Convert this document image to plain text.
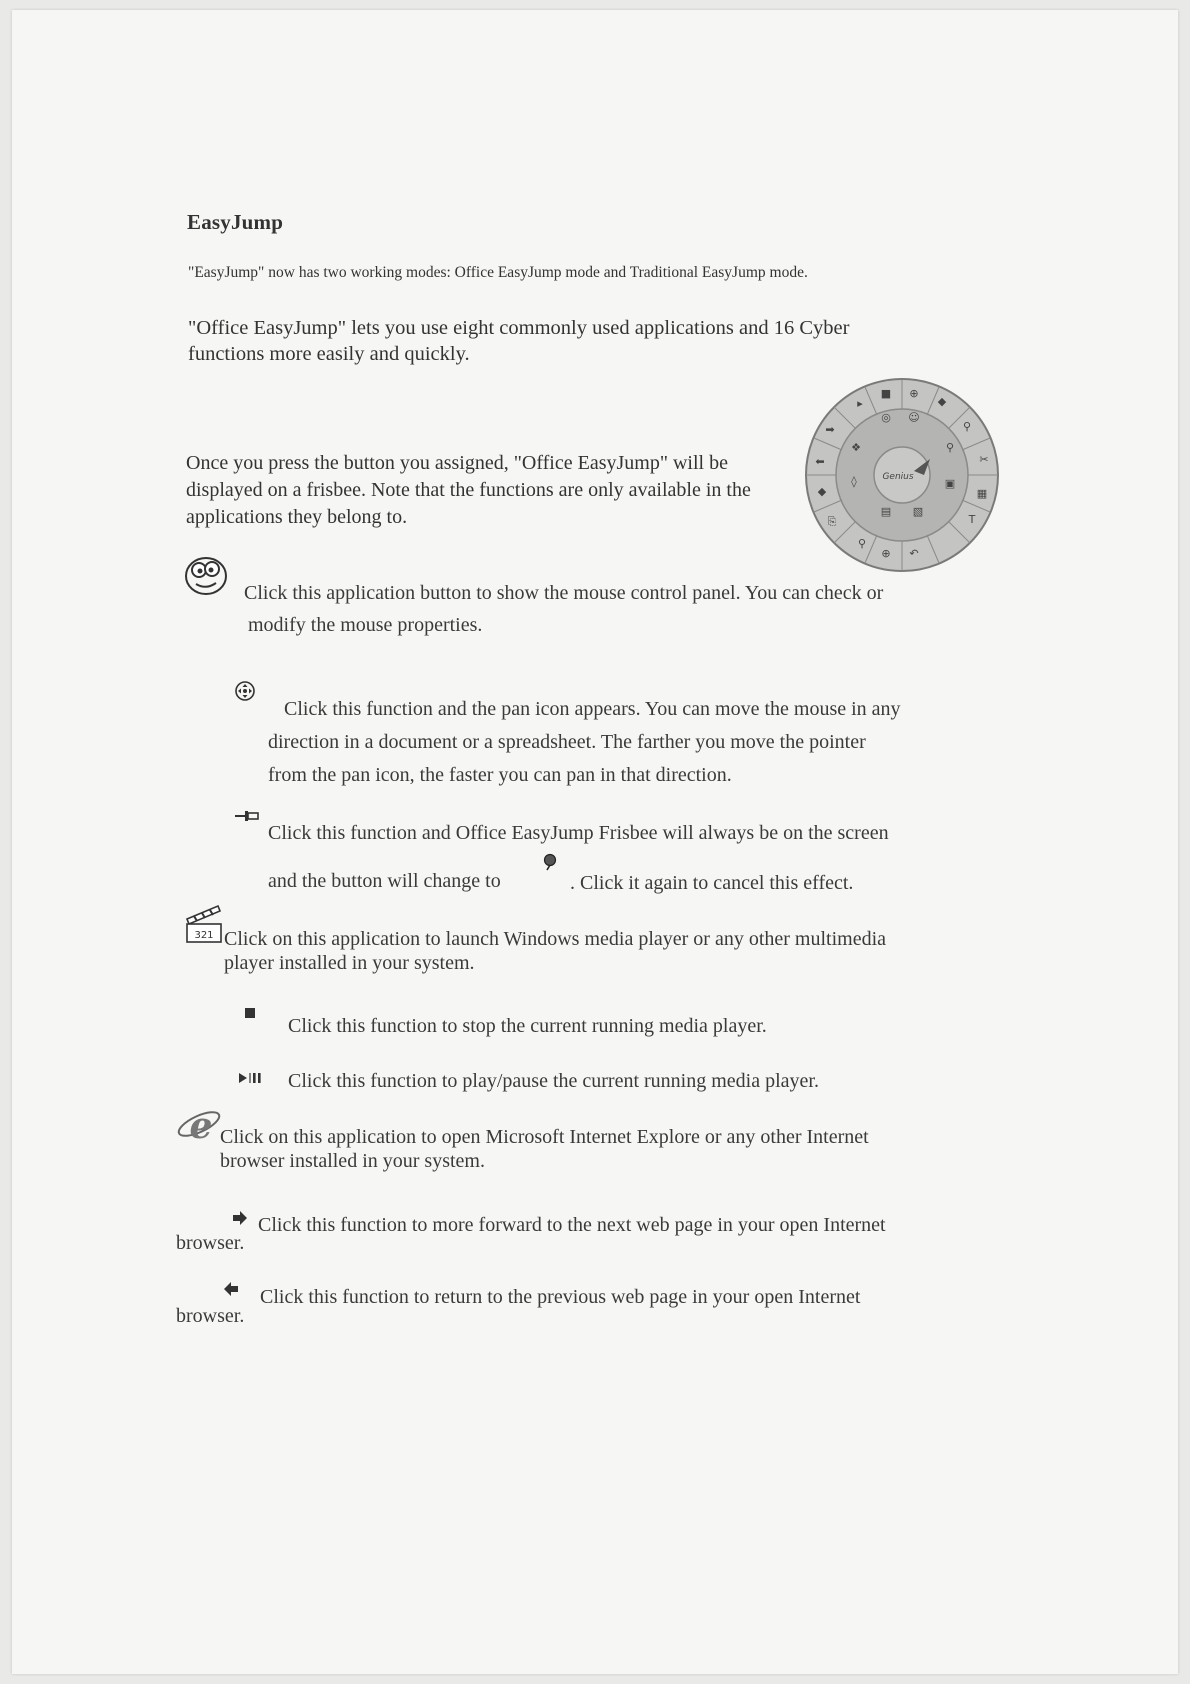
EasyJump
"EasyJump" now has two working modes: Office EasyJump mode and Traditional EasyJump mode.
"Office EasyJump" lets you use eight commonly used applications and 16 Cyber functions more easily and quickly.
Once you press the button you assigned, "Office EasyJump" will be displayed on a frisbee. Note that the functions are only available in the applications they belong to.
■ ⊕
▸	◆
➡	⚲
⬅	✂
◆	▦
⎘	T
⚲
⊕ ↶
◎ ☺
❖	⚲
◊	▣
▤ ▧
Genius
Click this application button to show the mouse control panel. You can check or
modify the mouse properties.
Click this function and the pan icon appears. You can move the mouse in any
direction in a document or a spreadsheet. The farther you move the pointer
from the pan icon, the faster you can pan in that direction.
Click this function and Office EasyJump Frisbee will always be on the screen
and the button will change to	. Click it again to cancel this effect.
321 Click on this application to launch Windows media player or any other multimedia
player installed in your system.
Click this function to stop the current running media player.
Click this function to play/pause the current running media player.
e Click on this application to open Microsoft Internet Explore or any other Internet
browser installed in your system.
Click this function to more forward to the next web page in your open Internet
browser.
Click this function to return to the previous web page in your open Internet
browser.
